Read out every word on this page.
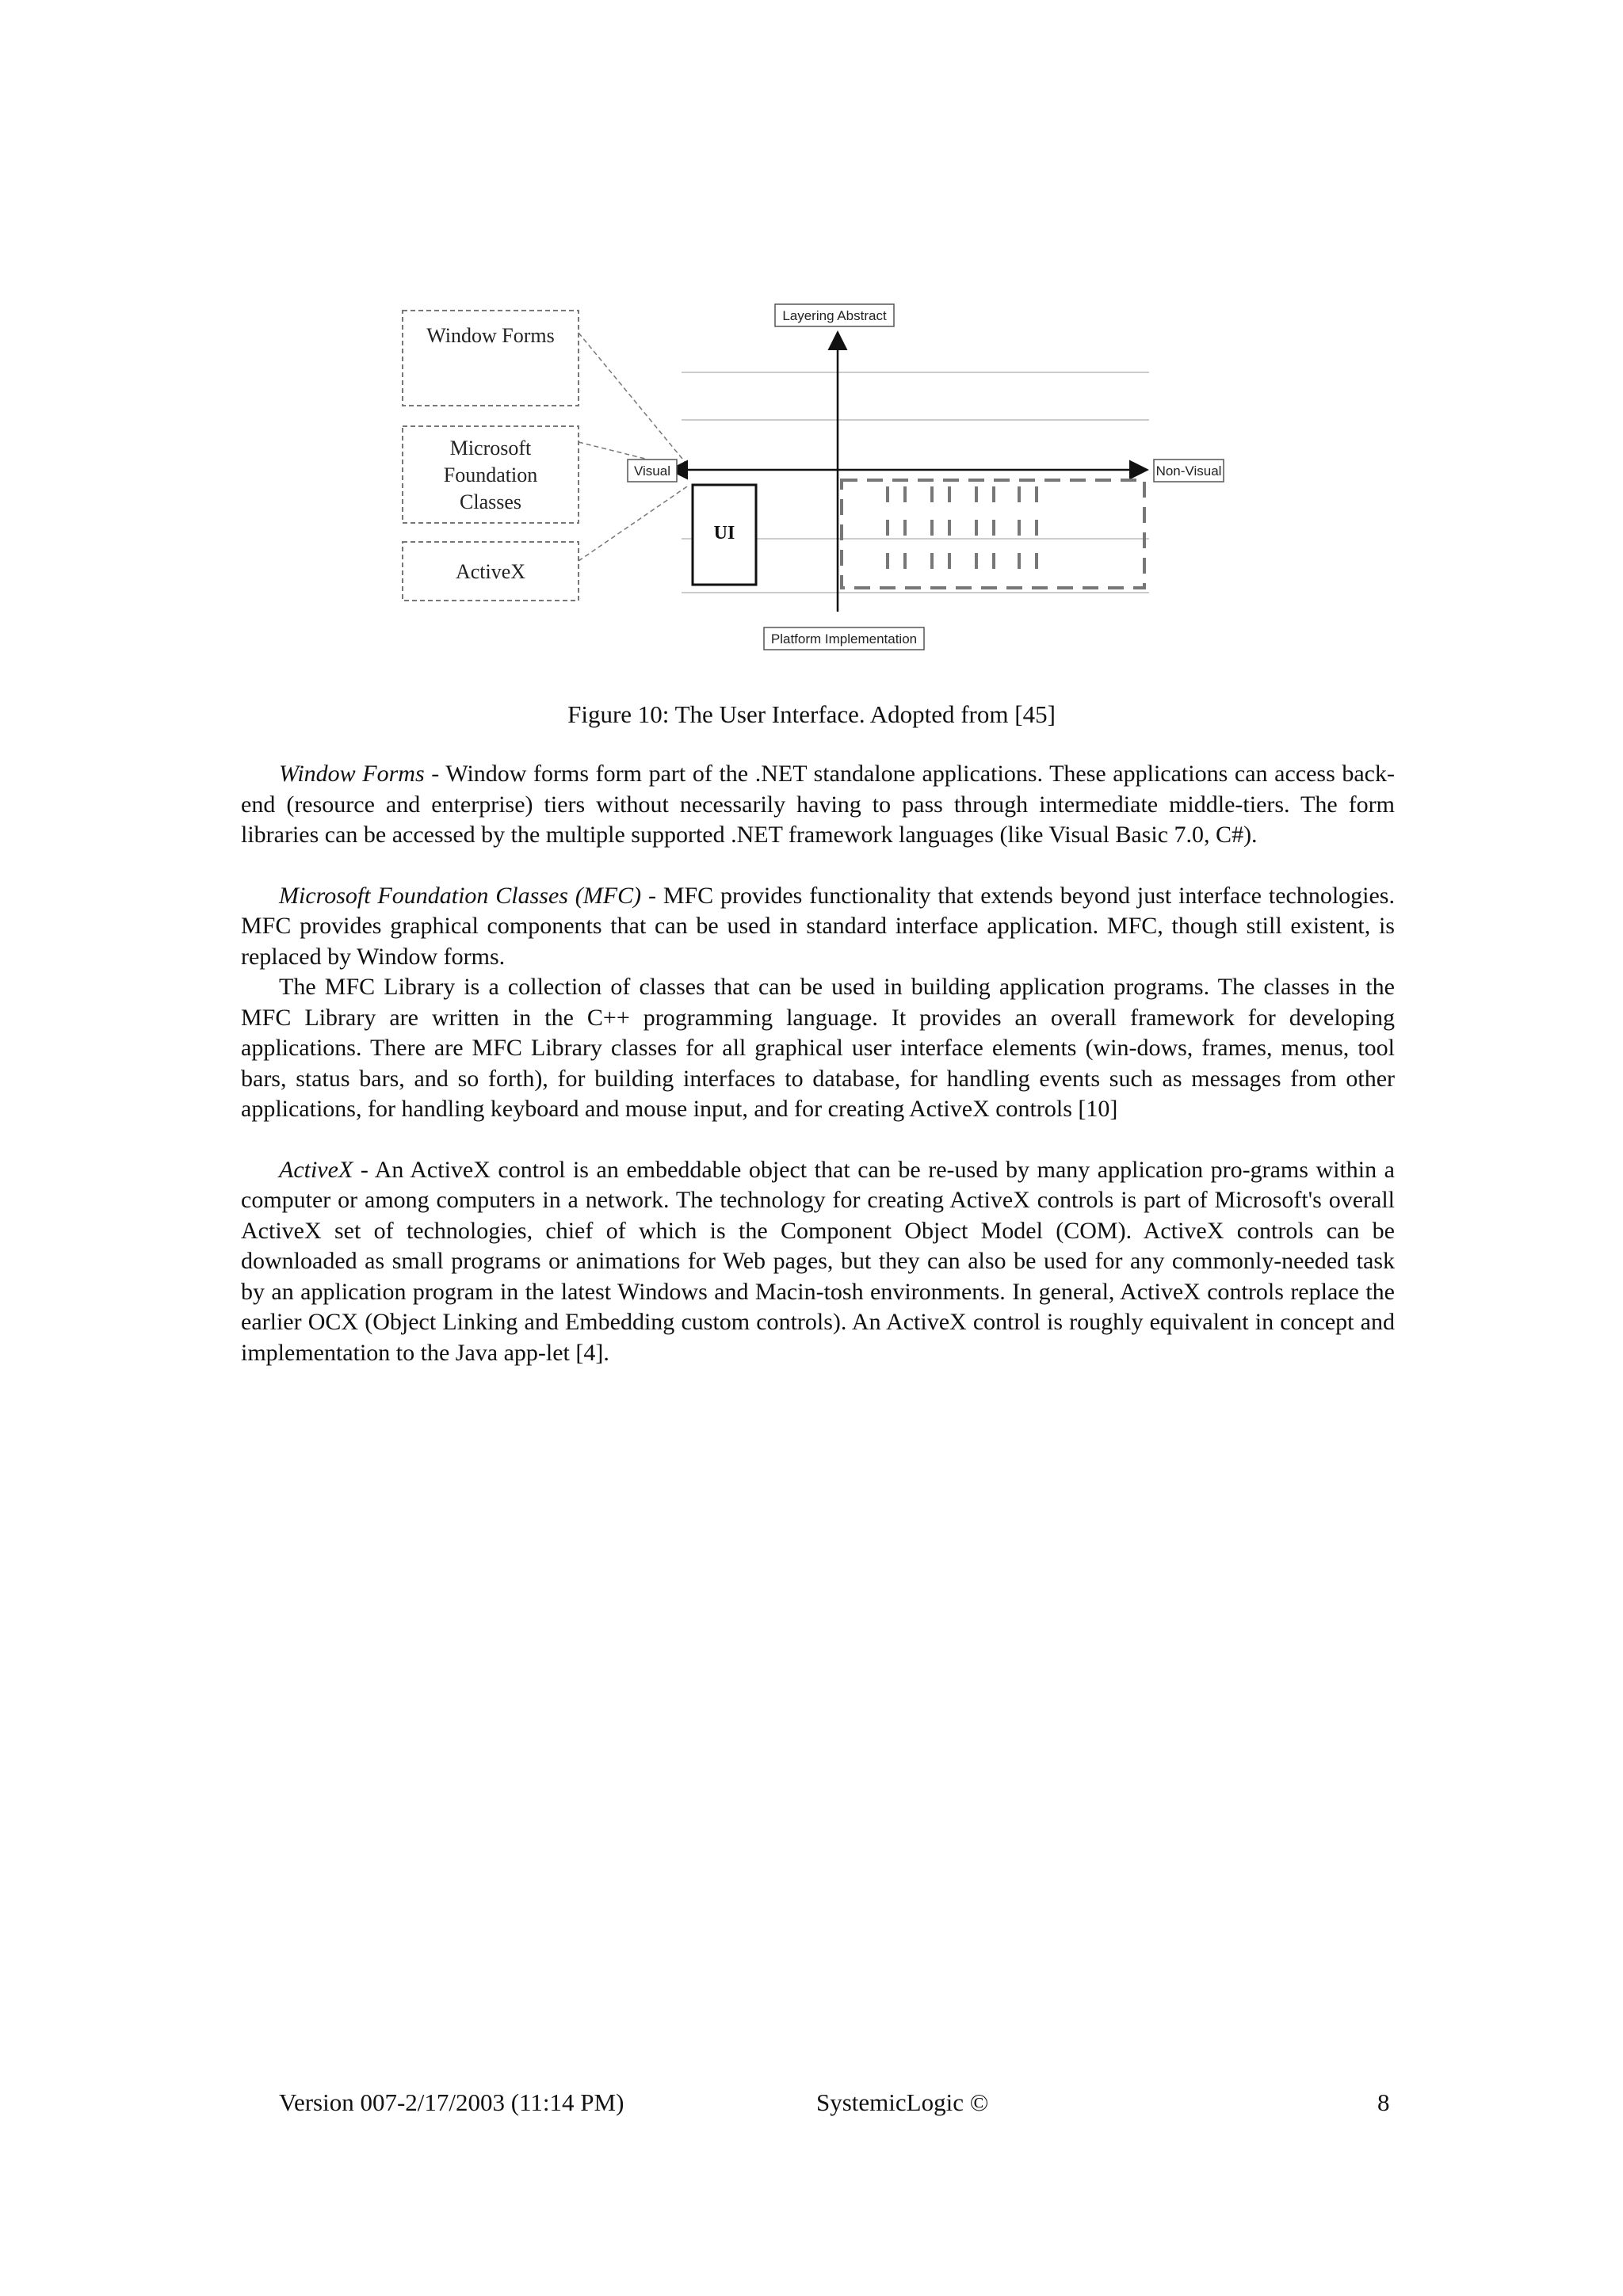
Window Forms
Microsoft
Foundation
Classes
ActiveX
Layering Abstract
Platform Implementation
Visual	Non-Visual
UI
Figure 10: The User Interface. Adopted from [45]

Window Forms - Window forms form part of the .NET standalone applications. These applications can access back-end (resource and enterprise) tiers without necessarily having to pass through intermediate middle-tiers. The form libraries can be accessed by the multiple supported .NET framework languages (like Visual Basic 7.0, C#).

Microsoft Foundation Classes (MFC) - MFC provides functionality that extends beyond just interface technologies. MFC provides graphical components that can be used in standard interface application. MFC, though still existent, is replaced by Window forms.

The MFC Library is a collection of classes that can be used in building application programs. The classes in the MFC Library are written in the C++ programming language. It provides an overall framework for developing applications. There are MFC Library classes for all graphical user interface elements (win-dows, frames, menus, tool bars, status bars, and so forth), for building interfaces to database, for handling events such as messages from other applications, for handling keyboard and mouse input, and for creating ActiveX controls [10]

ActiveX - An ActiveX control is an embeddable object that can be re-used by many application pro-grams within a computer or among computers in a network. The technology for creating ActiveX controls is part of Microsoft's overall ActiveX set of technologies, chief of which is the Component Object Model (COM). ActiveX controls can be downloaded as small programs or animations for Web pages, but they can also be used for any commonly-needed task by an application program in the latest Windows and Macin-tosh environments. In general, ActiveX controls replace the earlier OCX (Object Linking and Embedding custom controls). An ActiveX control is roughly equivalent in concept and implementation to the Java app-let [4].

Version 007-2/17/2003 (11:14 PM)	SystemicLogic ©	8
